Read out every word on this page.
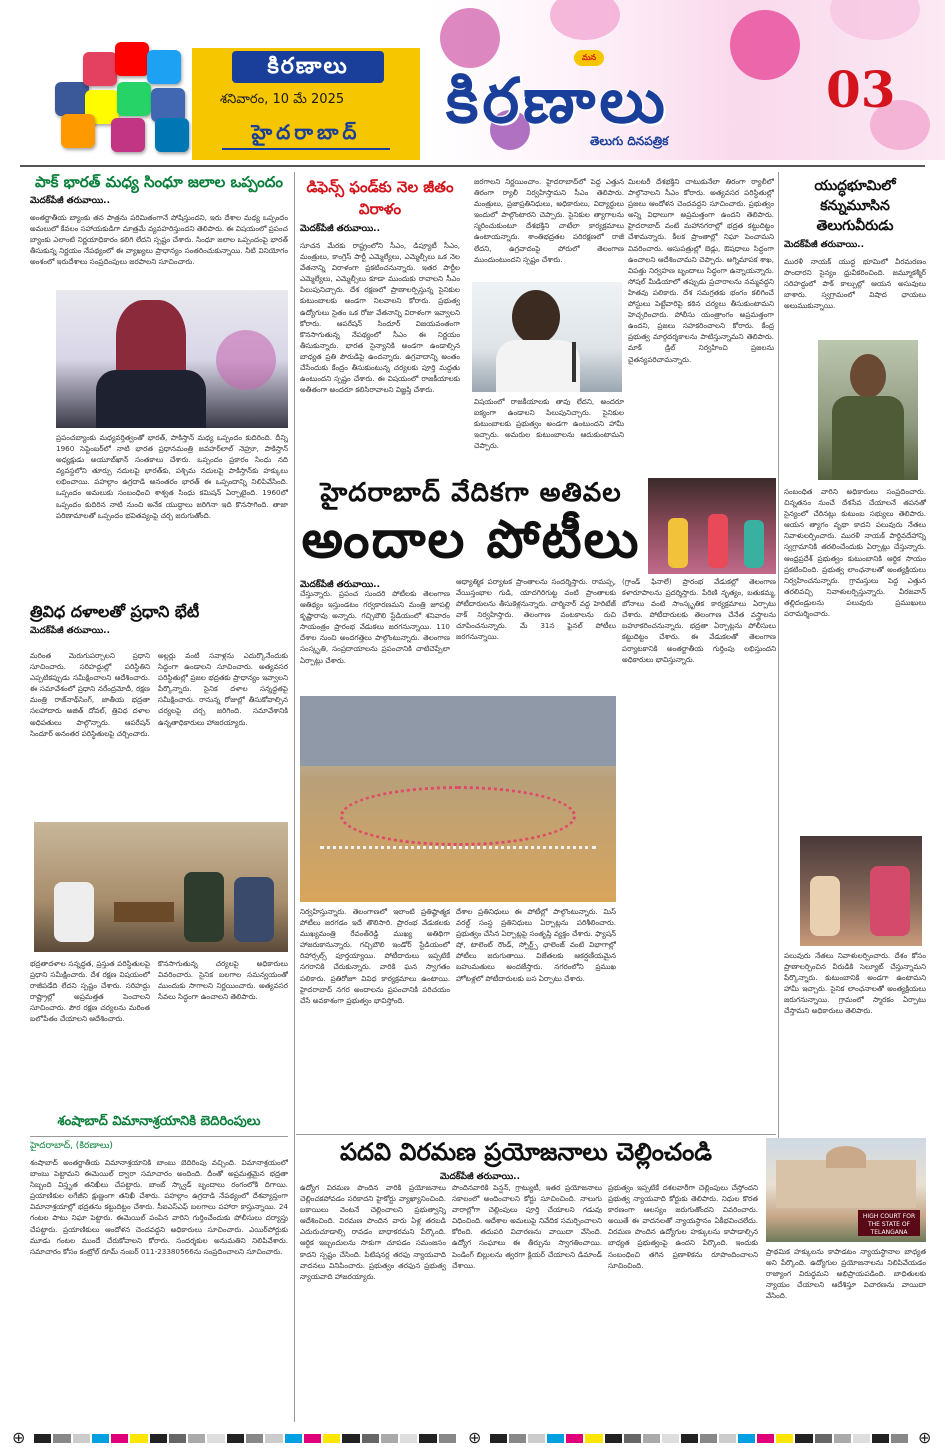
కిరణాలు
శనివారం, 10 మే 2025
హైదరాబాద్
మన
కిరణాలు
తెలుగు దినపత్రిక
03
పాక్ భారత్ మధ్య సింధూ జలాల ఒప్పందం
మెదక్‌పేజీ తరువాయి..
అంతర్జాతీయ బ్యాంకు తన పాత్రను పరిమితంగానే పోషిస్తుందని, ఇరు దేశాల మధ్య ఒప్పందం అమలులో కేవలం సహాయకుడిగా మాత్రమే వ్యవహరిస్తుందని తెలిపారు. ఈ విషయంలో ప్రపంచ బ్యాంకు ఎలాంటి నిర్ణయాధికారం కలిగి లేదని స్పష్టం చేశారు. సింధూ జలాల ఒప్పందంపై భారత్ తీసుకున్న నిర్ణయం నేపథ్యంలో ఈ వ్యాఖ్యలు ప్రాధాన్యం సంతరించుకున్నాయి. నీటి వినియోగం అంశంలో ఇరుదేశాలు సంప్రదింపులు జరపాలని సూచించారు.
ప్రపంచబ్యాంకు మధ్యవర్తిత్వంతో భారత్, పాకిస్తాన్ మధ్య ఒప్పందం కుదిరింది. దీన్ని 1960 సెప్టెంబర్‌లో నాటి భారత ప్రధానమంత్రి జవహర్‌లాల్ నెహ్రూ, పాకిస్తాన్ అధ్యక్షుడు అయూబ్‌ఖాన్ సంతకాలు చేశారు. ఒప్పందం ప్రకారం సింధు నది వ్యవస్థలోని తూర్పు నదులపై భారత్‌కు, పశ్చిమ నదులపై పాకిస్తాన్‌కు హక్కులు లభించాయి. పహల్గాం ఉగ్రదాడి అనంతరం భారత్ ఈ ఒప్పందాన్ని నిలిపివేసింది. ఒప్పందం అమలుకు సంబంధించి శాశ్వత సింధు కమిషన్ ఏర్పాటైంది. 1960లో ఒప్పందం కుదిరిన నాటి నుంచి అనేక యుద్ధాలు జరిగినా ఇది కొనసాగింది. తాజా పరిణామాలతో ఒప్పందం భవితవ్యంపై చర్చ జరుగుతోంది.
త్రివిధ దళాలతో ప్రధాని భేటీ
మెదక్‌పేజీ తరువాయి..
మరింత మెరుగుపర్చాలని ప్రధాని సూచించారు. సరిహద్దుల్లో పరిస్థితిని ఎప్పటికప్పుడు సమీక్షించాలని ఆదేశించారు. ఈ సమావేశంలో ప్రధాని నరేంద్రమోదీ, రక్షణ మంత్రి రాజ్‌నాథ్‌సింగ్, జాతీయ భద్రతా సలహాదారు అజిత్ దోవల్, త్రివిధ దళాల అధిపతులు పాల్గొన్నారు. ఆపరేషన్ సిందూర్ అనంతర పరిస్థితులపై చర్చించారు.
అల్లర్లు వంటి సవాళ్లను ఎదుర్కొనేందుకు సిద్ధంగా ఉండాలని సూచించారు. అత్యవసర పరిస్థితుల్లో ప్రజల భద్రతకు ప్రాధాన్యం ఇవ్వాలని పేర్కొన్నారు. సైనిక దళాల సన్నద్ధతపై సమీక్షించారు. రానున్న రోజుల్లో తీసుకోవాల్సిన చర్యలపై చర్చ జరిగింది. సమావేశానికి ఉన్నతాధికారులు హాజరయ్యారు.
భద్రతాదళాల సన్నద్ధత, ప్రస్తుత పరిస్థితులపై ప్రధాని సమీక్షించారు. దేశ రక్షణ విషయంలో రాజీపడేది లేదని స్పష్టం చేశారు. సరిహద్దు రాష్ట్రాల్లో అప్రమత్తత పెంచాలని సూచించారు. పౌర రక్షణ చర్యలను మరింత బలోపేతం చేయాలని ఆదేశించారు.
కొనసాగుతున్న చర్యలపై అధికారులు వివరించారు. సైనిక బలగాల సమన్వయంతో ముందుకు సాగాలని నిర్ణయించారు. అత్యవసర సేవలు సిద్ధంగా ఉంచాలని తెలిపారు.
శంషాబాద్ విమానాశ్రయానికి బెదిరింపులు
హైదరాబాద్, (కిరణాలు)
శంషాబాద్ అంతర్జాతీయ విమానాశ్రయానికి బాంబు బెదిరింపు వచ్చింది. విమానాశ్రయంలో బాంబు పెట్టామని ఈమెయిల్ ద్వారా సమాచారం అందింది. దీంతో అప్రమత్తమైన భద్రతా సిబ్బంది విస్తృత తనిఖీలు చేపట్టారు. బాంబ్ స్క్వాడ్ బృందాలు రంగంలోకి దిగాయి. ప్రయాణికుల లగేజీని క్షుణ్ణంగా తనిఖీ చేశారు. పహల్గాం ఉగ్రదాడి నేపథ్యంలో దేశవ్యాప్తంగా విమానాశ్రయాల్లో భద్రతను కట్టుదిట్టం చేశారు. సీఐఎస్ఎఫ్ బలగాలు పహారా కాస్తున్నాయి. 24 గంటల పాటు నిఘా పెట్టారు. ఈమెయిల్ పంపిన వారిని గుర్తించేందుకు పోలీసులు దర్యాప్తు చేపట్టారు. ప్రయాణికులు ఆందోళన చెందవద్దని అధికారులు సూచించారు. ఎయిర్‌పోర్టుకు మూడు గంటల ముందే చేరుకోవాలని కోరారు. సందర్శకుల అనుమతిని నిలిపివేశారు. సమాచారం కోసం కంట్రోల్ రూమ్ నంబర్ 011-23380566ను సంప్రదించాలని సూచించారు.
డిఫెన్స్ ఫండ్‌కు నెల జీతం విరాళం
మెదక్‌పేజీ తరువాయి..
సూచన మేరకు రాష్ట్రంలోని సీఎం, డిప్యూటీ సీఎం, మంత్రులు, కాంగ్రెస్ పార్టీ ఎమ్మెల్యేలు, ఎమ్మెల్సీలు ఒక నెల వేతనాన్ని విరాళంగా ప్రకటించనున్నారు. ఇతర పార్టీల ఎమ్మెల్యేలు, ఎమ్మెల్సీలు కూడా ముందుకు రావాలని సీఎం పిలుపునిచ్చారు. దేశ రక్షణలో ప్రాణాలర్పిస్తున్న సైనికుల కుటుంబాలకు అండగా నిలవాలని కోరారు. ప్రభుత్వ ఉద్యోగులు సైతం ఒక రోజు వేతనాన్ని విరాళంగా ఇవ్వాలని కోరారు. ఆపరేషన్ సిందూర్ విజయవంతంగా కొనసాగుతున్న నేపథ్యంలో సీఎం ఈ నిర్ణయం తీసుకున్నారు. భారత సైన్యానికి అండగా ఉండాల్సిన బాధ్యత ప్రతి పౌరుడిపై ఉందన్నారు. ఉగ్రవాదాన్ని అంతం చేసేందుకు కేంద్రం తీసుకుంటున్న చర్యలకు పూర్తి మద్దతు ఉంటుందని స్పష్టం చేశారు. ఈ విషయంలో రాజకీయాలకు అతీతంగా అందరూ కలిసిరావాలని విజ్ఞప్తి చేశారు.
జరగాలని నిర్ణయించాం. హైదరాబాద్‌లో పెద్ద ఎత్తున తిరంగా ర్యాలీ నిర్వహిస్తామని సీఎం తెలిపారు. మంత్రులు, ప్రజాప్రతినిధులు, అధికారులు, విద్యార్థులు ఇందులో పాల్గొంటారని చెప్పారు. సైనికుల త్యాగాలను స్మరించుకుంటూ దేశభక్తిని చాటేలా కార్యక్రమాలు ఉంటాయన్నారు. శాంతిభద్రతల పరిరక్షణలో రాజీ లేదని, ఉగ్రవాదంపై పోరులో తెలంగాణ ముందుంటుందని స్పష్టం చేశారు.
విషయంలో రాజకీయాలకు తావు లేదని, అందరూ ఐక్యంగా ఉండాలని పిలుపునిచ్చారు. సైనికుల కుటుంబాలకు ప్రభుత్వం అండగా ఉంటుందని హామీ ఇచ్చారు. అమరుల కుటుంబాలను ఆదుకుంటామని చెప్పారు.
మిలటరీ దేశభక్తిని చాటుకునేలా తిరంగా ర్యాలీలో పాల్గొనాలని సీఎం కోరారు. అత్యవసర పరిస్థితుల్లో ప్రజలు ఆందోళన చెందవద్దని సూచించారు. ప్రభుత్వం అన్ని విధాలుగా అప్రమత్తంగా ఉందని తెలిపారు. హైదరాబాద్ వంటి మహానగరాల్లో భద్రత కట్టుదిట్టం చేశామన్నారు. కీలక ప్రాంతాల్లో నిఘా పెంచామని వివరించారు. ఆసుపత్రుల్లో బెడ్లు, ఔషధాలు సిద్ధంగా ఉంచాలని ఆదేశించామని చెప్పారు. అగ్నిమాపక శాఖ, విపత్తు నిర్వహణ బృందాలు సిద్ధంగా ఉన్నాయన్నారు. సోషల్ మీడియాలో తప్పుడు ప్రచారాలను నమ్మవద్దని హితవు పలికారు. దేశ సమగ్రతకు భంగం కలిగించే పోస్టులు పెట్టేవారిపై కఠిన చర్యలు తీసుకుంటామని హెచ్చరించారు. పోలీసు యంత్రాంగం అప్రమత్తంగా ఉందని, ప్రజలు సహకరించాలని కోరారు. కేంద్ర ప్రభుత్వ మార్గదర్శకాలను పాటిస్తున్నామని తెలిపారు. మాక్ డ్రిల్ నిర్వహించి ప్రజలను చైతన్యపరిచామన్నారు.
యుద్ధభూమిలో కన్నుమూసిన తెలుగువీరుడు
మెదక్‌పేజీ తరువాయి..
మురళీ నాయక్ యుద్ధ భూమిలో వీరమరణం పొందారని సైన్యం ధ్రువీకరించింది. జమ్మూకశ్మీర్ సరిహద్దులో పాక్ కాల్పుల్లో ఆయన అసువులు బాశారు. స్వగ్రామంలో విషాద ఛాయలు అలుముకున్నాయి.
సంబంధిత వారిని అధికారులు సంప్రదించారు. చిన్నతనం నుంచే దేశసేవ చేయాలనే తపనతో సైన్యంలో చేరినట్లు కుటుంబ సభ్యులు తెలిపారు. ఆయన త్యాగం వృథా కాదని పలువురు నేతలు నివాళులర్పించారు. మురళీ నాయక్ పార్థివదేహాన్ని స్వగ్రామానికి తరలించేందుకు ఏర్పాట్లు చేస్తున్నారు. ఆంధ్రప్రదేశ్ ప్రభుత్వం కుటుంబానికి ఆర్థిక సాయం ప్రకటించింది. ప్రభుత్వ లాంఛనాలతో అంత్యక్రియలు నిర్వహించనున్నారు. గ్రామస్తులు పెద్ద ఎత్తున తరలివచ్చి నివాళులర్పిస్తున్నారు. వీరజవాన్‌ తల్లిదండ్రులను పలువురు ప్రముఖులు పరామర్శించారు.
పలువురు నేతలు నివాళులర్పించారు. దేశం కోసం ప్రాణాలర్పించిన వీరుడికి సెల్యూట్ చేస్తున్నామని పేర్కొన్నారు. కుటుంబానికి అండగా ఉంటామని హామీ ఇచ్చారు. సైనిక లాంఛనాలతో అంత్యక్రియలు జరుగనున్నాయి. గ్రామంలో స్మారకం ఏర్పాటు చేస్తామని అధికారులు తెలిపారు.
హైదరాబాద్ వేదికగా అతివల
అందాల పోటీలు
మెదక్‌పేజీ తరువాయి..
చేస్తున్నారు. ప్రపంచ సుందరి పోటీలకు తెలంగాణ ఆతిథ్యం ఇస్తుండటం గర్వకారణమని మంత్రి జూపల్లి కృష్ణారావు అన్నారు. గచ్చిబౌలి స్టేడియంలో శనివారం సాయంత్రం ప్రారంభ వేడుకలు జరగనున్నాయి. 110 దేశాల నుంచి అందగత్తెలు పాల్గొంటున్నారు. తెలంగాణ సంస్కృతి, సంప్రదాయాలను ప్రపంచానికి చాటిచెప్పేలా ఏర్పాట్లు చేశారు.
ఆధ్యాత్మిక పర్యాటక ప్రాంతాలను సందర్శిస్తారు. రామప్ప, వేయిస్తంభాల గుడి, యాదగిరిగుట్ట వంటి ప్రాంతాలకు పోటీదారులను తీసుకెళ్లనున్నారు. చార్మినార్ వద్ద హెరిటేజ్ వాక్ నిర్వహిస్తారు. తెలంగాణ వంటకాలను రుచి చూపించనున్నారు. మే 31న ఫైనల్ పోటీలు జరగనున్నాయి.
(గ్రాండ్ ఫినాలే) ప్రారంభ వేడుకల్లో తెలంగాణ కళారూపాలను ప్రదర్శిస్తారు. పేరిణి నృత్యం, బతుకమ్మ, బోనాలు వంటి సాంస్కృతిక కార్యక్రమాలు ఏర్పాటు చేశారు. పోటీదారులకు తెలంగాణ చేనేత వస్త్రాలను బహూకరించనున్నారు. భద్రతా ఏర్పాట్లను పోలీసులు కట్టుదిట్టం చేశారు. ఈ వేడుకలతో తెలంగాణ పర్యాటకానికి అంతర్జాతీయ గుర్తింపు లభిస్తుందని అధికారులు భావిస్తున్నారు.
నిర్వహిస్తున్నారు. తెలంగాణలో ఇలాంటి ప్రతిష్ఠాత్మక పోటీలు జరగడం ఇదే తొలిసారి. ప్రారంభ వేడుకలకు ముఖ్యమంత్రి రేవంత్‌రెడ్డి ముఖ్య అతిథిగా హాజరుకానున్నారు. గచ్చిబౌలి ఇండోర్ స్టేడియంలో రిహార్సల్స్ పూర్తయ్యాయి. పోటీదారులు ఇప్పటికే నగరానికి చేరుకున్నారు. వారికి ఘన స్వాగతం పలికారు. ప్రతిరోజూ వివిధ కార్యక్రమాలు ఉంటాయి. హైదరాబాద్ నగర అందాలను ప్రపంచానికి పరిచయం చేసే అవకాశంగా ప్రభుత్వం భావిస్తోంది.
దేశాల ప్రతినిధులు ఈ పోటీల్లో పాల్గొంటున్నారు. మిస్ వరల్డ్ సంస్థ ప్రతినిధులు ఏర్పాట్లను పరిశీలించారు. ప్రభుత్వం చేసిన ఏర్పాట్లపై సంతృప్తి వ్యక్తం చేశారు. ఫ్యాషన్ షో, టాలెంట్ రౌండ్, స్పోర్ట్స్ ఛాలెంజ్ వంటి విభాగాల్లో పోటీలు జరుగుతాయి. విజేతలకు ఆకర్షణీయమైన బహుమతులు అందజేస్తారు. నగరంలోని ప్రముఖ హోటళ్లలో పోటీదారులకు బస ఏర్పాటు చేశారు.
పదవి విరమణ ప్రయోజనాలు చెల్లించండి
మెదక్‌పేజీ తరువాయి..
ఉద్యోగ విరమణ పొందిన వారికి ప్రయోజనాలు చెల్లించకపోవడం సరికాదని హైకోర్టు వ్యాఖ్యానించింది. బకాయిలు వెంటనే చెల్లించాలని ప్రభుత్వాన్ని ఆదేశించింది. విరమణ పొందిన వారు ఏళ్ల తరబడి ఎదురుచూడాల్సి రావడం బాధాకరమని పేర్కొంది. ఆర్థిక ఇబ్బందులను సాకుగా చూపడం సమంజసం కాదని స్పష్టం చేసింది. పిటిషనర్ల తరఫు న్యాయవాది వాదనలు వినిపించారు. ప్రభుత్వం తరఫున ప్రభుత్వ న్యాయవాది హాజరయ్యారు.
పొందినవారికి పెన్షన్, గ్రాట్యుటీ, ఇతర ప్రయోజనాలు సకాలంలో అందించాలని కోర్టు సూచించింది. నాలుగు వారాల్లోగా చెల్లింపులు పూర్తి చేయాలని గడువు విధించింది. ఆదేశాల అమలుపై నివేదిక సమర్పించాలని కోరింది. తదుపరి విచారణను వాయిదా వేసింది. ఉద్యోగ సంఘాలు ఈ తీర్పును స్వాగతించాయి. పెండింగ్ బిల్లులను త్వరగా క్లియర్ చేయాలని డిమాండ్ చేశాయి.
ప్రభుత్వం ఇప్పటికే దశలవారీగా చెల్లింపులు చేస్తోందని ప్రభుత్వ న్యాయవాది కోర్టుకు తెలిపారు. నిధుల కొరత కారణంగా ఆలస్యం జరుగుతోందని వివరించారు. అయితే ఈ వాదనలతో న్యాయస్థానం ఏకీభవించలేదు. విరమణ పొందిన ఉద్యోగుల హక్కులను కాపాడాల్సిన బాధ్యత ప్రభుత్వంపై ఉందని పేర్కొంది. ఇందుకు సంబంధించి తగిన ప్రణాళికను రూపొందించాలని సూచించింది.
HIGH COURT FOR THE STATE OF TELANGANA
ప్రాథమిక హక్కులను కాపాడటం న్యాయస్థానాల బాధ్యత అని పేర్కొంది. ఉద్యోగుల ప్రయోజనాలను నిలిపివేయడం రాజ్యాంగ విరుద్ధమని అభిప్రాయపడింది. బాధితులకు న్యాయం చేయాలని ఆదేశిస్తూ విచారణను వాయిదా వేసింది.
⊕	⊕	⊕
